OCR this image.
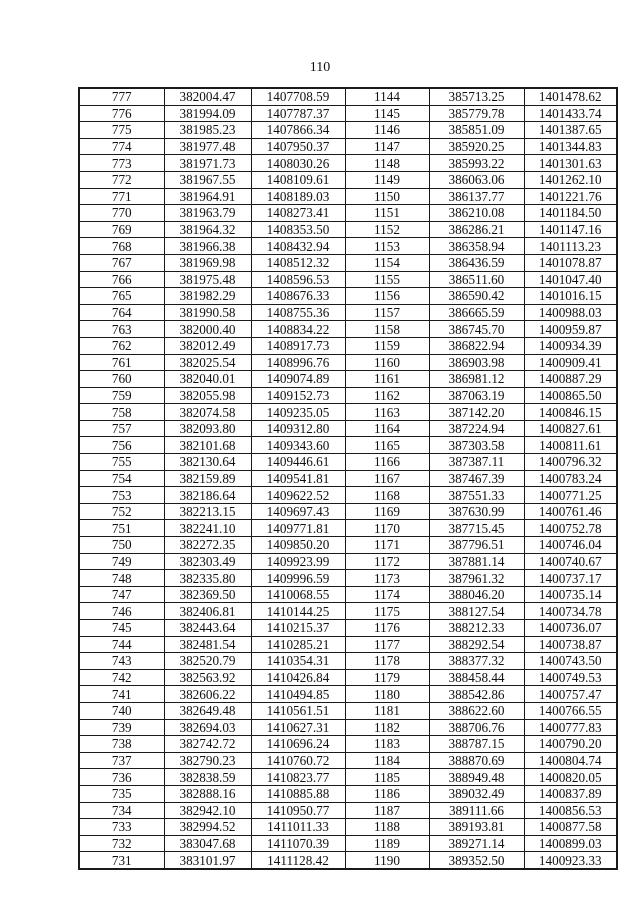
110
777	382004.47	1407708.59	1144	385713.25	1401478.62
776	381994.09	1407787.37	1145	385779.78	1401433.74
775	381985.23	1407866.34	1146	385851.09	1401387.65
774	381977.48	1407950.37	1147	385920.25	1401344.83
773	381971.73	1408030.26	1148	385993.22	1401301.63
772	381967.55	1408109.61	1149	386063.06	1401262.10
771	381964.91	1408189.03	1150	386137.77	1401221.76
770	381963.79	1408273.41	1151	386210.08	1401184.50
769	381964.32	1408353.50	1152	386286.21	1401147.16
768	381966.38	1408432.94	1153	386358.94	1401113.23
767	381969.98	1408512.32	1154	386436.59	1401078.87
766	381975.48	1408596.53	1155	386511.60	1401047.40
765	381982.29	1408676.33	1156	386590.42	1401016.15
764	381990.58	1408755.36	1157	386665.59	1400988.03
763	382000.40	1408834.22	1158	386745.70	1400959.87
762	382012.49	1408917.73	1159	386822.94	1400934.39
761	382025.54	1408996.76	1160	386903.98	1400909.41
760	382040.01	1409074.89	1161	386981.12	1400887.29
759	382055.98	1409152.73	1162	387063.19	1400865.50
758	382074.58	1409235.05	1163	387142.20	1400846.15
757	382093.80	1409312.80	1164	387224.94	1400827.61
756	382101.68	1409343.60	1165	387303.58	1400811.61
755	382130.64	1409446.61	1166	387387.11	1400796.32
754	382159.89	1409541.81	1167	387467.39	1400783.24
753	382186.64	1409622.52	1168	387551.33	1400771.25
752	382213.15	1409697.43	1169	387630.99	1400761.46
751	382241.10	1409771.81	1170	387715.45	1400752.78
750	382272.35	1409850.20	1171	387796.51	1400746.04
749	382303.49	1409923.99	1172	387881.14	1400740.67
748	382335.80	1409996.59	1173	387961.32	1400737.17
747	382369.50	1410068.55	1174	388046.20	1400735.14
746	382406.81	1410144.25	1175	388127.54	1400734.78
745	382443.64	1410215.37	1176	388212.33	1400736.07
744	382481.54	1410285.21	1177	388292.54	1400738.87
743	382520.79	1410354.31	1178	388377.32	1400743.50
742	382563.92	1410426.84	1179	388458.44	1400749.53
741	382606.22	1410494.85	1180	388542.86	1400757.47
740	382649.48	1410561.51	1181	388622.60	1400766.55
739	382694.03	1410627.31	1182	388706.76	1400777.83
738	382742.72	1410696.24	1183	388787.15	1400790.20
737	382790.23	1410760.72	1184	388870.69	1400804.74
736	382838.59	1410823.77	1185	388949.48	1400820.05
735	382888.16	1410885.88	1186	389032.49	1400837.89
734	382942.10	1410950.77	1187	389111.66	1400856.53
733	382994.52	1411011.33	1188	389193.81	1400877.58
732	383047.68	1411070.39	1189	389271.14	1400899.03
731	383101.97	1411128.42	1190	389352.50	1400923.33
